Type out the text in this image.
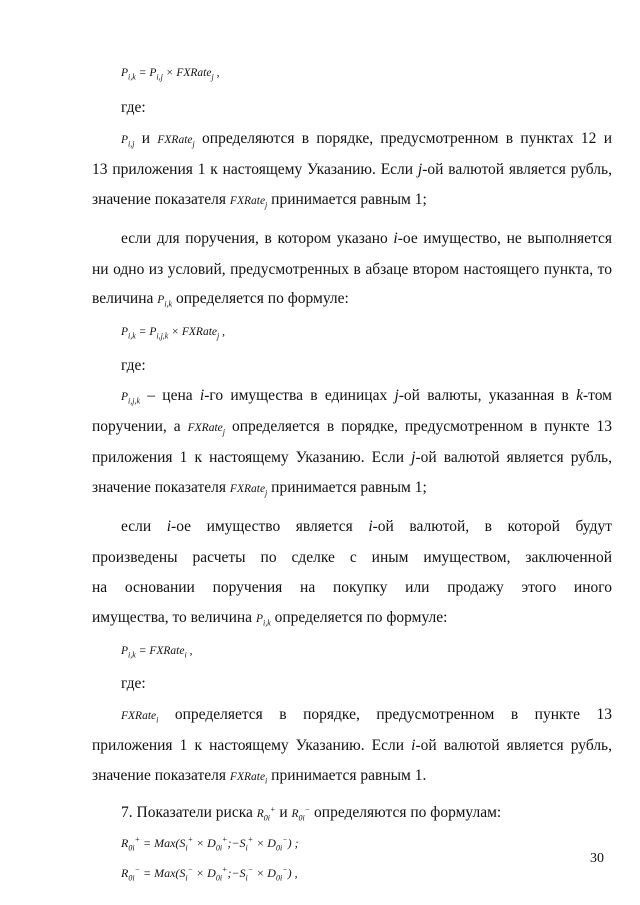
$P_{i,k} = P_{i,j}$ × FXRate$_j$ ,
где:
$P_{i,j}$ и FXRate$_j$ определяются в порядке, предусмотренном в пунктах 12 и
13 приложения 1 к настоящему Указанию. Если j-ой валютой является рубль,
значение показателя FXRate$_j$ принимается равным 1;
если для поручения, в котором указано i-ое имущество, не выполняется
ни одно из условий, предусмотренных в абзаце втором настоящего пункта, то
величина $P_{i,k}$ определяется по формуле:
$P_{i,k} = P_{i,j,k}$ × FXRate$_j$ ,
где:
$P_{i,j,k}$ – цена i-го имущества в единицах j-ой валюты, указанная в k-том
поручении, а FXRate$_j$ определяется в порядке, предусмотренном в пункте 13
приложения 1 к настоящему Указанию. Если j-ой валютой является рубль,
значение показателя FXRate$_j$ принимается равным 1;
если i-ое имущество является i-ой валютой, в которой будут
произведены расчеты по сделке с иным имуществом, заключенной
на основании поручения на покупку или продажу этого иного
имущества, то величина $P_{i,k}$ определяется по формуле:
$P_{i,k}$ = FXRate$_i$ ,
где:
FXRate$_i$ определяется в порядке, предусмотренном в пункте 13
приложения 1 к настоящему Указанию. Если i-ой валютой является рубль,
значение показателя FXRate$_i$ принимается равным 1.
7. Показатели риска $R_{0i}^+$ и $R_{0i}^-$ определяются по формулам:
$R_{0i}^+ = Max(S_i^+$ × $D_{0i}^+;-S_i^+ \times D_{0i}^-$) ;
$R_{0i}^- = Max(S_i^-$ × $D_{0i}^+;-S_i^- \times D_{0i}^-$) ,
30
